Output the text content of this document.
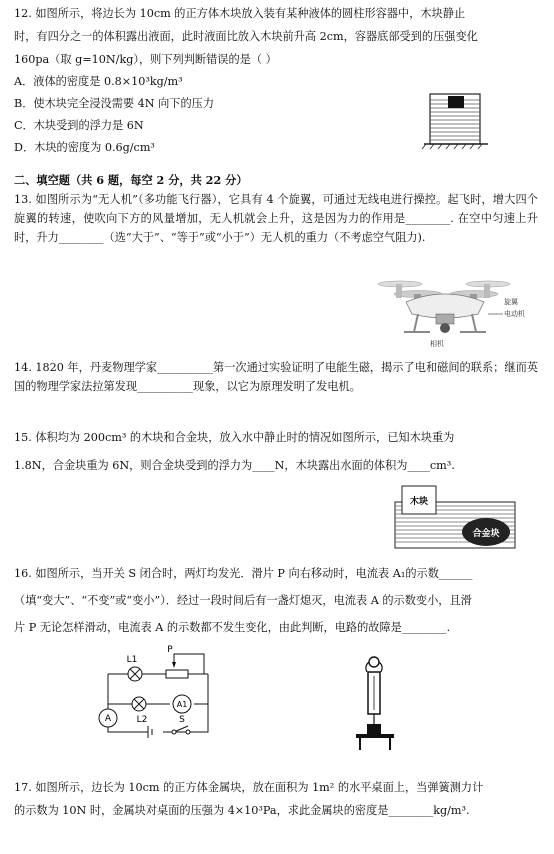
12. 如图所示，将边长为 10cm 的正方体木块放入装有某种液体的圆柱形容器中，木块静止
时，有四分之一的体积露出液面，此时液面比放入木块前升高 2cm，容器底部受到的压强变化
160pa（取 g=10N/kg），则下列判断错误的是（ ）
A．液体的密度是 0.8×10³kg/m³
B．使木块完全浸没需要 4N 向下的压力
C．木块受到的浮力是 6N
D．木块的密度为 0.6g/cm³
二、填空题（共 6 题，每空 2 分，共 22 分）
13. 如图所示为“无人机”（多功能飞行器），它具有 4 个旋翼，可通过无线电进行操控。起飞时，增大四个旋翼的转速，使吹向下方的风量增加，无人机就会上升，这是因为力的作用是________. 在空中匀速上升时，升力________（选“大于”、“等于”或“小于”）无人机的重力（不考虑空气阻力).
旋翼
电动机
相机
14. 1820 年，丹麦物理学家__________第一次通过实验证明了电能生磁，揭示了电和磁间的联系；继而英国的物理学家法拉第发现__________现象，以它为原理发明了发电机。
15. 体积均为 200cm³ 的木块和合金块，放入水中静止时的情况如图所示，已知木块重为
1.8N，合金块重为 6N，则合金块受到的浮力为____N，木块露出水面的体积为____cm³.
木块
合金块
16. 如图所示，当开关 S 闭合时，两灯均发光．滑片 P 向右移动时，电流表 A₁的示数______
（填“变大”、“不变”或“变小”）．经过一段时间后有一盏灯熄灭，电流表 A 的示数变小，且滑
片 P 无论怎样滑动，电流表 A 的示数都不发生变化，由此判断，电路的故障是________.
L1
L2
P
S
A
A1
17. 如图所示，边长为 10cm 的正方体金属块，放在面积为 1m² 的水平桌面上，当弹簧测力计
的示数为 10N 时，金属块对桌面的压强为 4×10³Pa，求此金属块的密度是________kg/m³.
